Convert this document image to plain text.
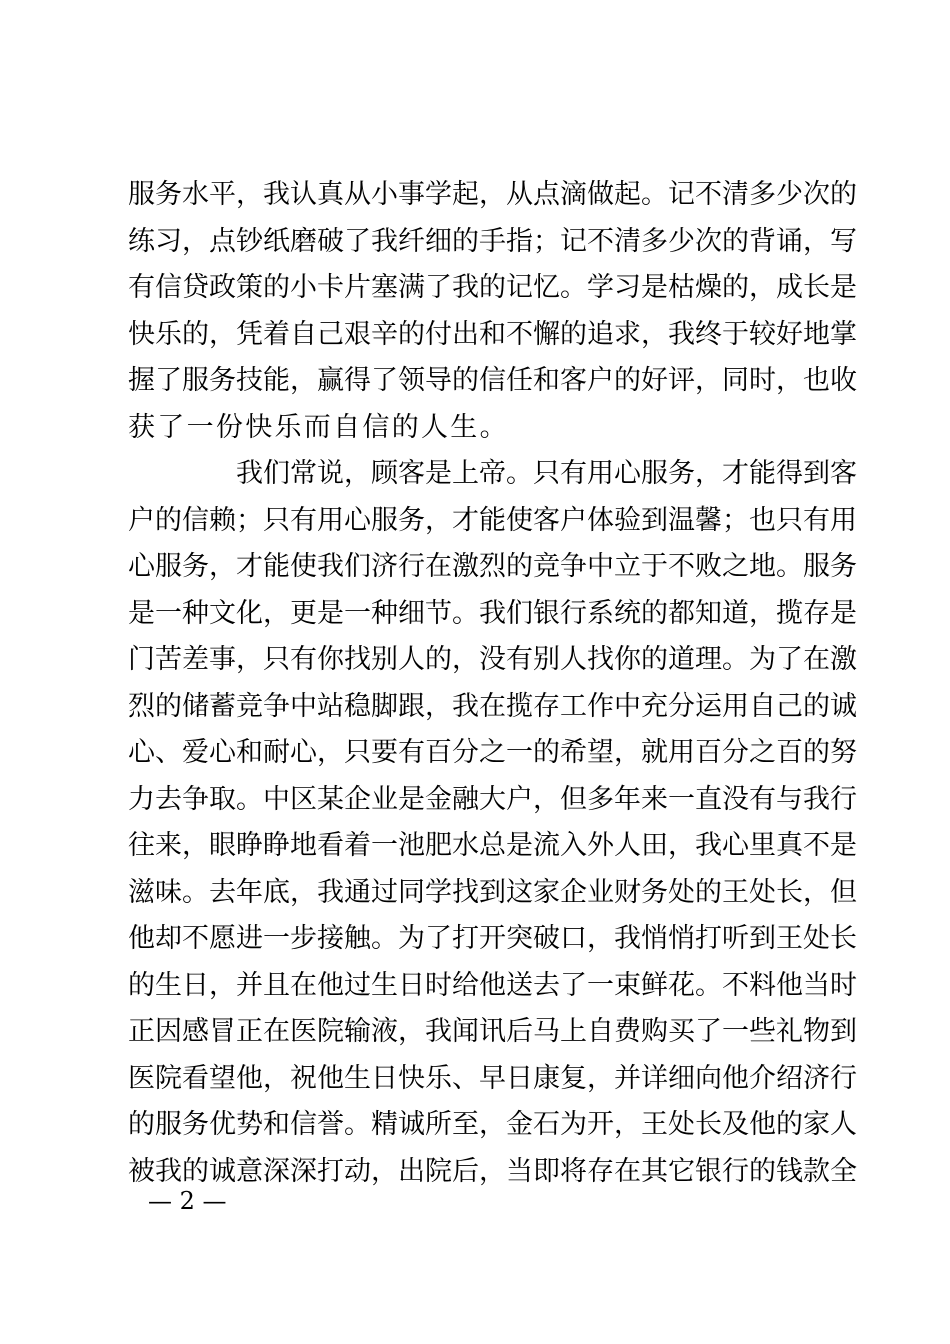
服务水平，我认真从小事学起，从点滴做起。记不清多少次的
练习，点钞纸磨破了我纤细的手指；记不清多少次的背诵，写
有信贷政策的小卡片塞满了我的记忆。学习是枯燥的，成长是
快乐的，凭着自己艰辛的付出和不懈的追求，我终于较好地掌
握了服务技能，赢得了领导的信任和客户的好评，同时，也收
获了一份快乐而自信的人生。
我们常说，顾客是上帝。只有用心服务，才能得到客
户的信赖；只有用心服务，才能使客户体验到温馨；也只有用
心服务，才能使我们济行在激烈的竞争中立于不败之地。服务
是一种文化，更是一种细节。我们银行系统的都知道，揽存是
门苦差事，只有你找别人的，没有别人找你的道理。为了在激
烈的储蓄竞争中站稳脚跟，我在揽存工作中充分运用自己的诚
心、爱心和耐心，只要有百分之一的希望，就用百分之百的努
力去争取。中区某企业是金融大户，但多年来一直没有与我行
往来，眼睁睁地看着一池肥水总是流入外人田，我心里真不是
滋味。去年底，我通过同学找到这家企业财务处的王处长，但
他却不愿进一步接触。为了打开突破口，我悄悄打听到王处长
的生日，并且在他过生日时给他送去了一束鲜花。不料他当时
正因感冒正在医院输液，我闻讯后马上自费购买了一些礼物到
医院看望他，祝他生日快乐、早日康复，并详细向他介绍济行
的服务优势和信誉。精诚所至，金石为开，王处长及他的家人
被我的诚意深深打动，出院后，当即将存在其它银行的钱款全
— 2 —
